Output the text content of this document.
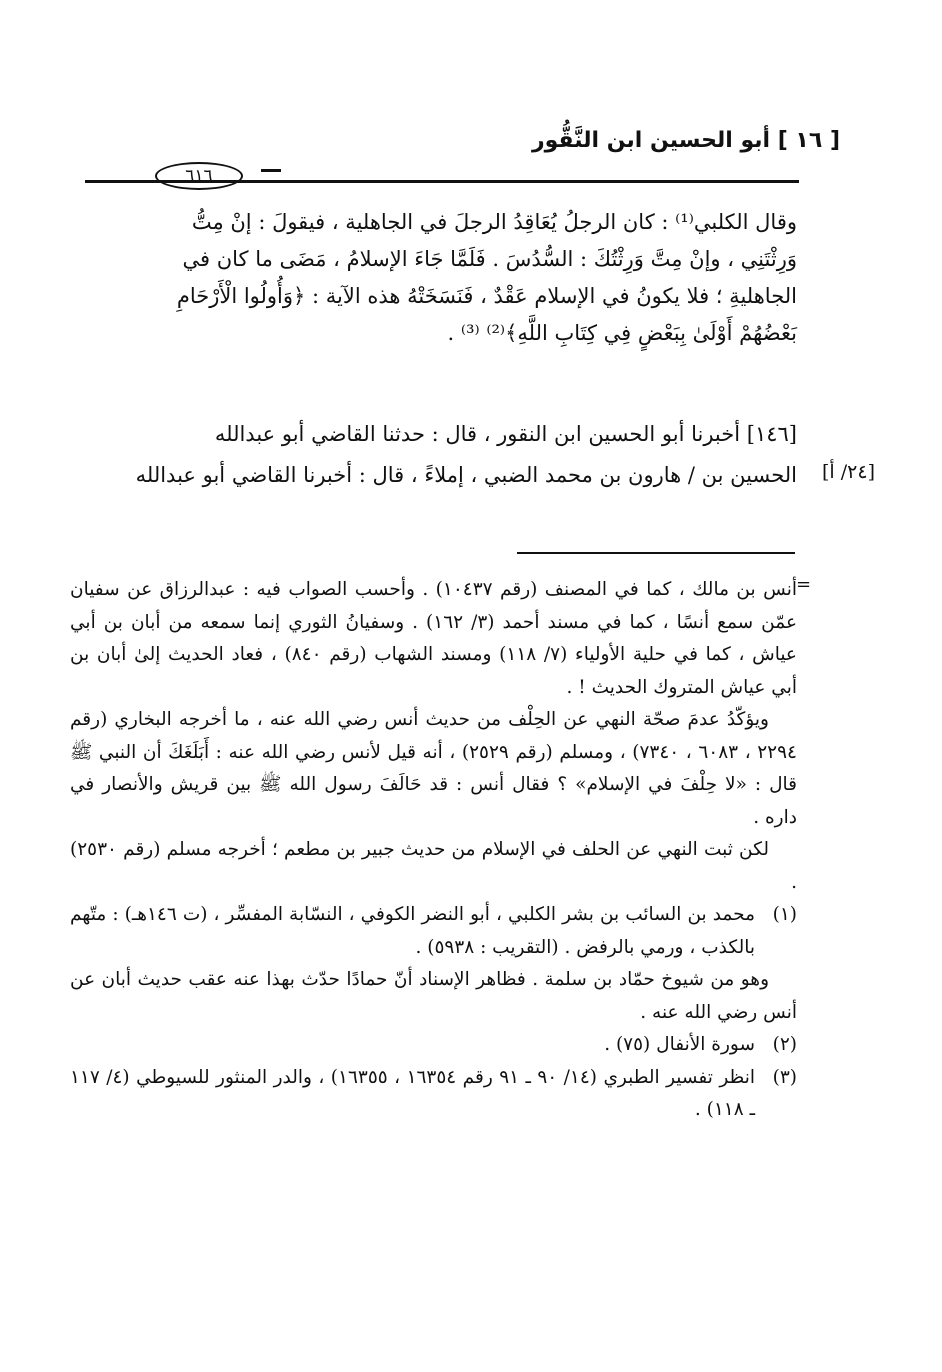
[ ١٦ ] أبو الحسين ابن النَّقُّور
٦١٦

وقال الكلبي⁽¹⁾ : كان الرجلُ يُعَاقِدُ الرجلَ في الجاهلية ، فيقولَ : إنْ مِتُّ

وَرِثْتَنِي ، وإنْ مِتَّ وَرِثْتُكَ : السُّدُسَ . فَلَمَّا جَاءَ الإسلامُ ، مَضَى ما كان في

الجاهليةِ ؛ فلا يكونُ في الإسلام عَقْدٌ ، فَنَسَخَتْهُ هذه الآية : ﴿وَأُولُوا الْأَرْحَامِ

بَعْضُهُمْ أَوْلَىٰ بِبَعْضٍ فِي كِتَابِ اللَّهِ﴾⁽²⁾ ⁽³⁾ .

[١٤٦] أخبرنا أبو الحسين ابن النقور ، قال : حدثنا القاضي أبو عبدالله

الحسين بن / هارون بن محمد الضبي ، إملاءً ، قال : أخبرنا القاضي أبو عبدالله [٢٤/ أ]
=

أنس بن مالك ، كما في المصنف (رقم ١٠٤٣٧) . وأحسب الصواب فيه : عبدالرزاق عن سفيان عمّن سمع أنسًا ، كما في مسند أحمد (٣/ ١٦٢) . وسفيانُ الثوري إنما سمعه من أبان بن أبي عياش ، كما في حلية الأولياء (٧/ ١١٨) ومسند الشهاب (رقم ٨٤٠) ، فعاد الحديث إلىٰ أبان بن أبي عياش المتروك الحديث ! .

ويؤكّدُ عدمَ صحّة النهي عن الحِلْف من حديث أنس رضي الله عنه ، ما أخرجه البخاري (رقم ٢٢٩٤ ، ٦٠٨٣ ، ٧٣٤٠) ، ومسلم (رقم ٢٥٢٩) ، أنه قيل لأنس رضي الله عنه : أَبَلَغَكَ أن النبي ﷺ قال : «لا حِلْفَ في الإسلام» ؟ فقال أنس : قد حَالَفَ رسول الله ﷺ بين قريش والأنصار في داره .

لكن ثبت النهي عن الحلف في الإسلام من حديث جبير بن مطعم ؛ أخرجه مسلم (رقم ٢٥٣٠) .

(١)

محمد بن السائب بن بشر الكلبي ، أبو النضر الكوفي ، النسّابة المفسِّر ، (ت ١٤٦هـ) : متّهم بالكذب ، ورمي بالرفض . (التقريب : ٥٩٣٨) .

وهو من شيوخ حمّاد بن سلمة . فظاهر الإسناد أنّ حمادًا حدّث بهذا عنه عقب حديث أبان عن أنس رضي الله عنه .

(٢)

سورة الأنفال (٧٥) .

(٣)

انظر تفسير الطبري (١٤/ ٩٠ ـ ٩١ رقم ١٦٣٥٤ ، ١٦٣٥٥) ، والدر المنثور للسيوطي (٤/ ١١٧ ـ ١١٨) .
